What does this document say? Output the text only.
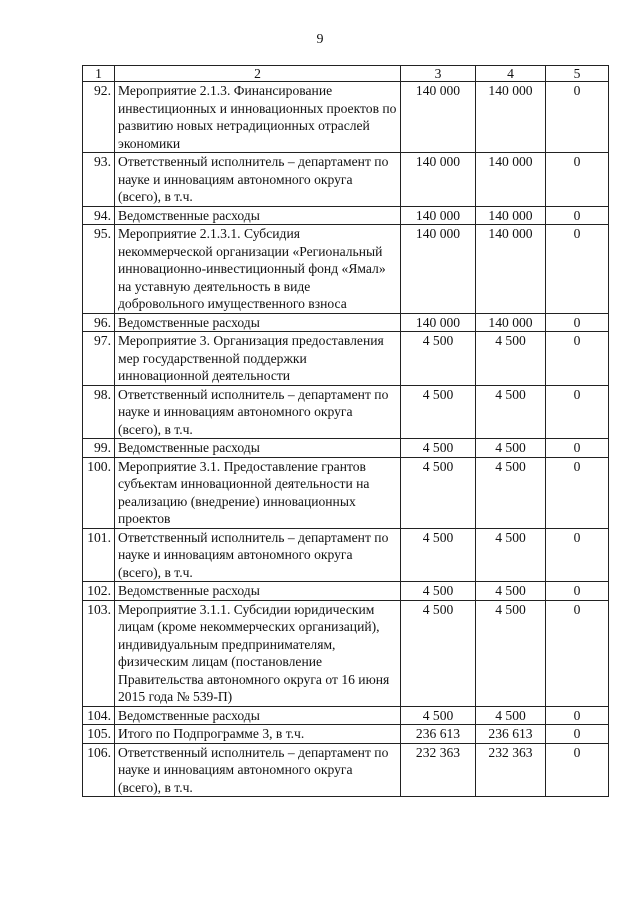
9
1	2	3	4	5
92.	Мероприятие 2.1.3. Финансирование инвестиционных и инновационных проектов по развитию новых нетрадиционных отраслей экономики	140 000	140 000	0
93.	Ответственный исполнитель – департамент по науке и инновациям автономного округа (всего), в т.ч.	140 000	140 000	0
94.	Ведомственные расходы	140 000	140 000	0
95.	Мероприятие 2.1.3.1. Субсидия некоммерческой организации «Региональный инновационно-инвестиционный фонд «Ямал» на уставную деятельность в виде добровольного имущественного взноса	140 000	140 000	0
96.	Ведомственные расходы	140 000	140 000	0
97.	Мероприятие 3. Организация предоставления мер государственной поддержки инновационной деятельности	4 500	4 500	0
98.	Ответственный исполнитель – департамент по науке и инновациям автономного округа (всего), в т.ч.	4 500	4 500	0
99.	Ведомственные расходы	4 500	4 500	0
100.	Мероприятие 3.1. Предоставление грантов субъектам инновационной деятельности на реализацию (внедрение) инновационных проектов	4 500	4 500	0
101.	Ответственный исполнитель – департамент по науке и инновациям автономного округа (всего), в т.ч.	4 500	4 500	0
102.	Ведомственные расходы	4 500	4 500	0
103.	Мероприятие 3.1.1. Субсидии юридическим лицам (кроме некоммерческих организаций), индивидуальным предпринимателям, физическим лицам (постановление Правительства автономного округа от 16 июня 2015 года № 539-П)	4 500	4 500	0
104.	Ведомственные расходы	4 500	4 500	0
105.	Итого по Подпрограмме 3, в т.ч.	236 613	236 613	0
106.	Ответственный исполнитель – департамент по науке и инновациям автономного округа (всего), в т.ч.	232 363	232 363	0
